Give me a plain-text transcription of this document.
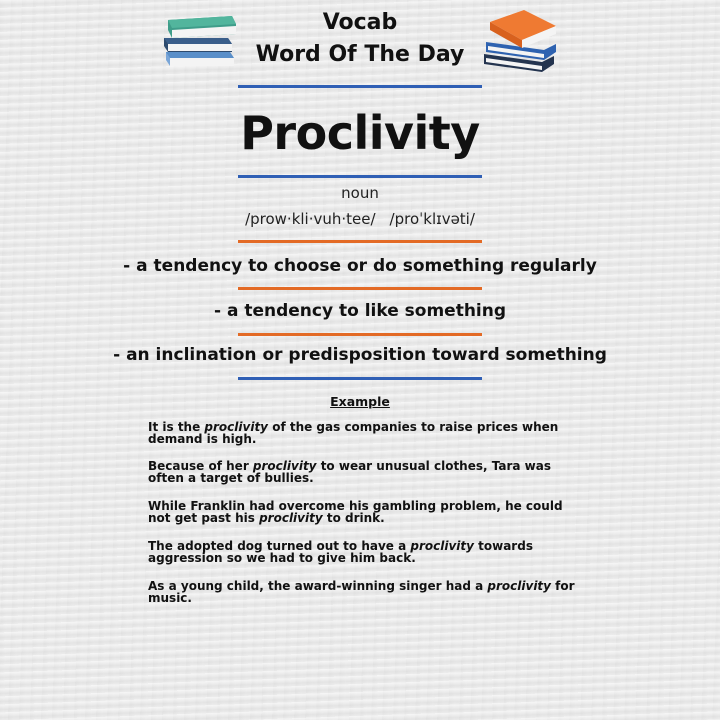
Vocab
Word Of The Day
Proclivity
noun
/prow·kli·vuh·tee/ /proˈklɪvəti/
- a tendency to choose or do something regularly
- a tendency to like something
- an inclination or predisposition toward something
Example
It is the proclivity of the gas companies to raise prices when demand is high.
Because of her proclivity to wear unusual clothes, Tara was often a target of bullies.
While Franklin had overcome his gambling problem, he could not get past his proclivity to drink.
The adopted dog turned out to have a proclivity towards aggression so we had to give him back.
As a young child, the award-winning singer had a proclivity for music.
